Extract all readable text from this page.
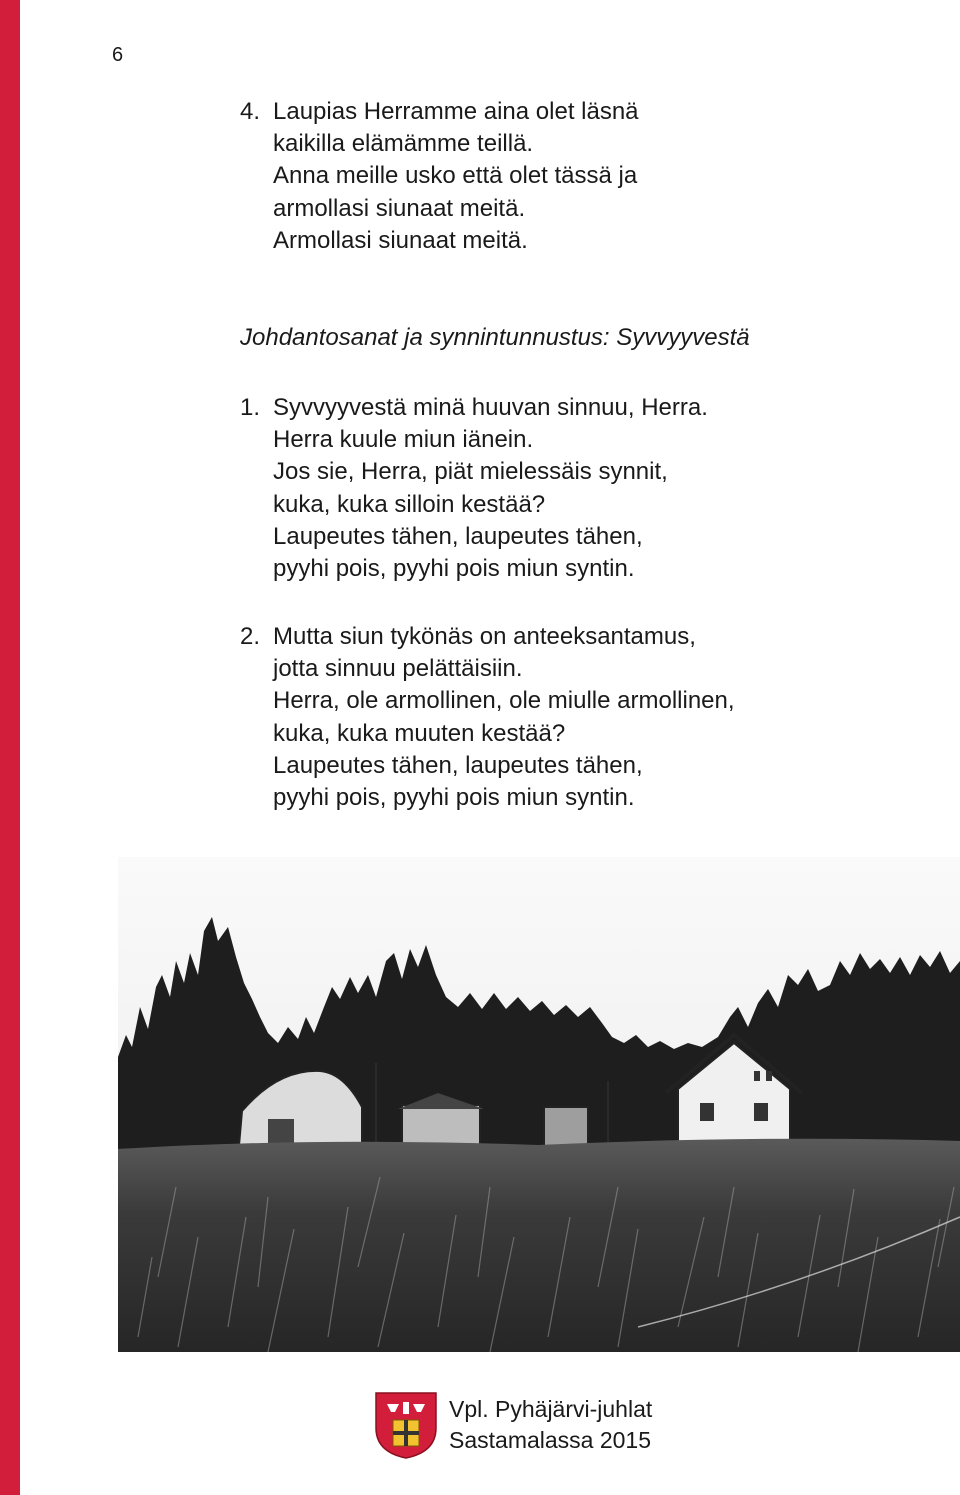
6
4. Laupias Herramme aina olet läsnä
kaikilla elämämme teillä.
Anna meille usko että olet tässä ja
armollasi siunaat meitä.
Armollasi siunaat meitä.
Johdantosanat ja synnintunnustus: Syvvyyvestä
1. Syvvyyvestä minä huuvan sinnuu, Herra.
Herra kuule miun iänein.
Jos sie, Herra, piät mielessäis synnit,
kuka, kuka silloin kestää?
Laupeutes tähen, laupeutes tähen,
pyyhi pois, pyyhi pois miun syntin.
2. Mutta siun tykönäs on anteeksantamus,
jotta sinnuu pelättäisiin.
Herra, ole armollinen, ole miulle armollinen,
kuka, kuka muuten kestää?
Laupeutes tähen, laupeutes tähen,
pyyhi pois, pyyhi pois miun syntin.
Vpl. Pyhäjärvi-juhlat
Sastamalassa 2015
